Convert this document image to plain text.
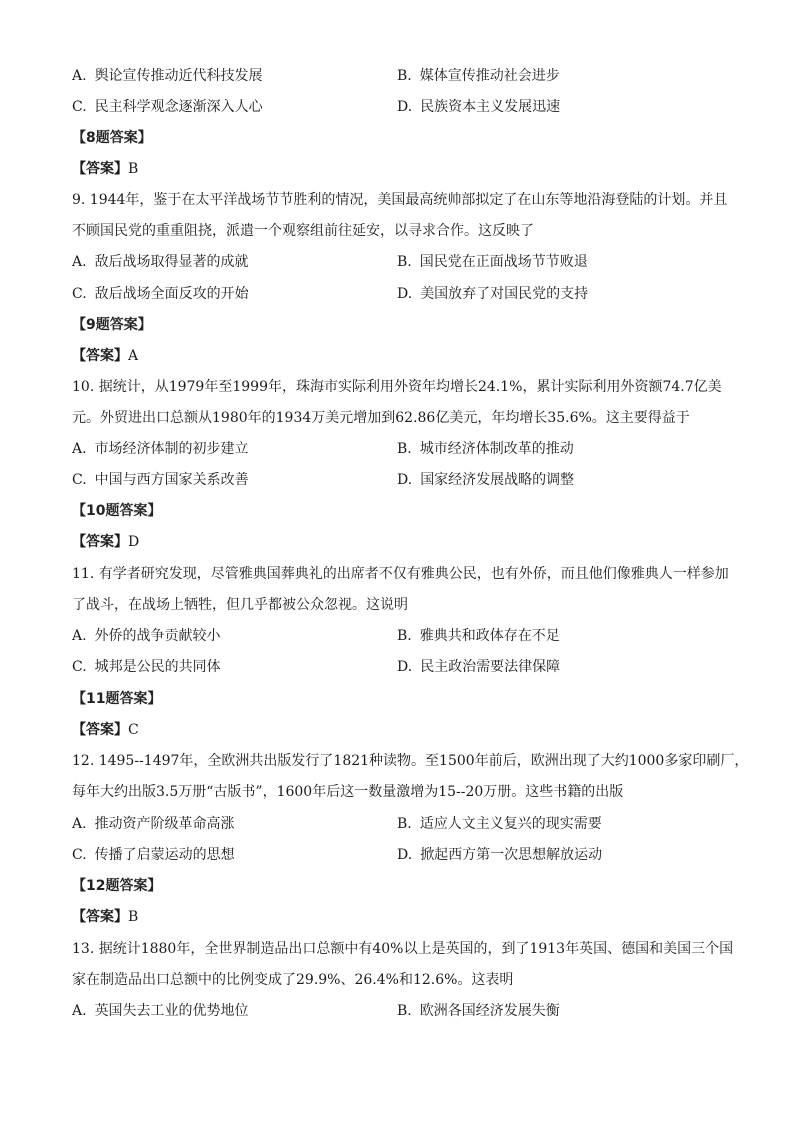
A. 舆论宣传推动近代科技发展	B. 媒体宣传推动社会进步
C. 民主科学观念逐渐深入人心	D. 民族资本主义发展迅速
【8题答案】
【答案】B
9. 1944年，鉴于在太平洋战场节节胜利的情况，美国最高统帅部拟定了在山东等地沿海登陆的计划。并且
不顾国民党的重重阻挠，派遣一个观察组前往延安，以寻求合作。这反映了
A. 敌后战场取得显著的成就	B. 国民党在正面战场节节败退
C. 敌后战场全面反攻的开始	D. 美国放弃了对国民党的支持
【9题答案】
【答案】A
10. 据统计，从1979年至1999年，珠海市实际利用外资年均增长24.1%，累计实际利用外资额74.7亿美
元。外贸进出口总额从1980年的1934万美元增加到62.86亿美元，年均增长35.6%。这主要得益于
A. 市场经济体制的初步建立	B. 城市经济体制改革的推动
C. 中国与西方国家关系改善	D. 国家经济发展战略的调整
【10题答案】
【答案】D
11. 有学者研究发现，尽管雅典国葬典礼的出席者不仅有雅典公民，也有外侨，而且他们像雅典人一样参加
了战斗，在战场上牺牲，但几乎都被公众忽视。这说明
A. 外侨的战争贡献较小	B. 雅典共和政体存在不足
C. 城邦是公民的共同体	D. 民主政治需要法律保障
【11题答案】
【答案】C
12. 1495--1497年，全欧洲共出版发行了1821种读物。至1500年前后，欧洲出现了大约1000多家印刷厂，
每年大约出版3.5万册“古版书”，1600年后这一数量激增为15--20万册。这些书籍的出版
A. 推动资产阶级革命高涨	B. 适应人文主义复兴的现实需要
C. 传播了启蒙运动的思想	D. 掀起西方第一次思想解放运动
【12题答案】
【答案】B
13. 据统计1880年，全世界制造品出口总额中有40%以上是英国的，到了1913年英国、德国和美国三个国
家在制造品出口总额中的比例变成了29.9%、26.4%和12.6%。这表明
A. 英国失去工业的优势地位	B. 欧洲各国经济发展失衡
